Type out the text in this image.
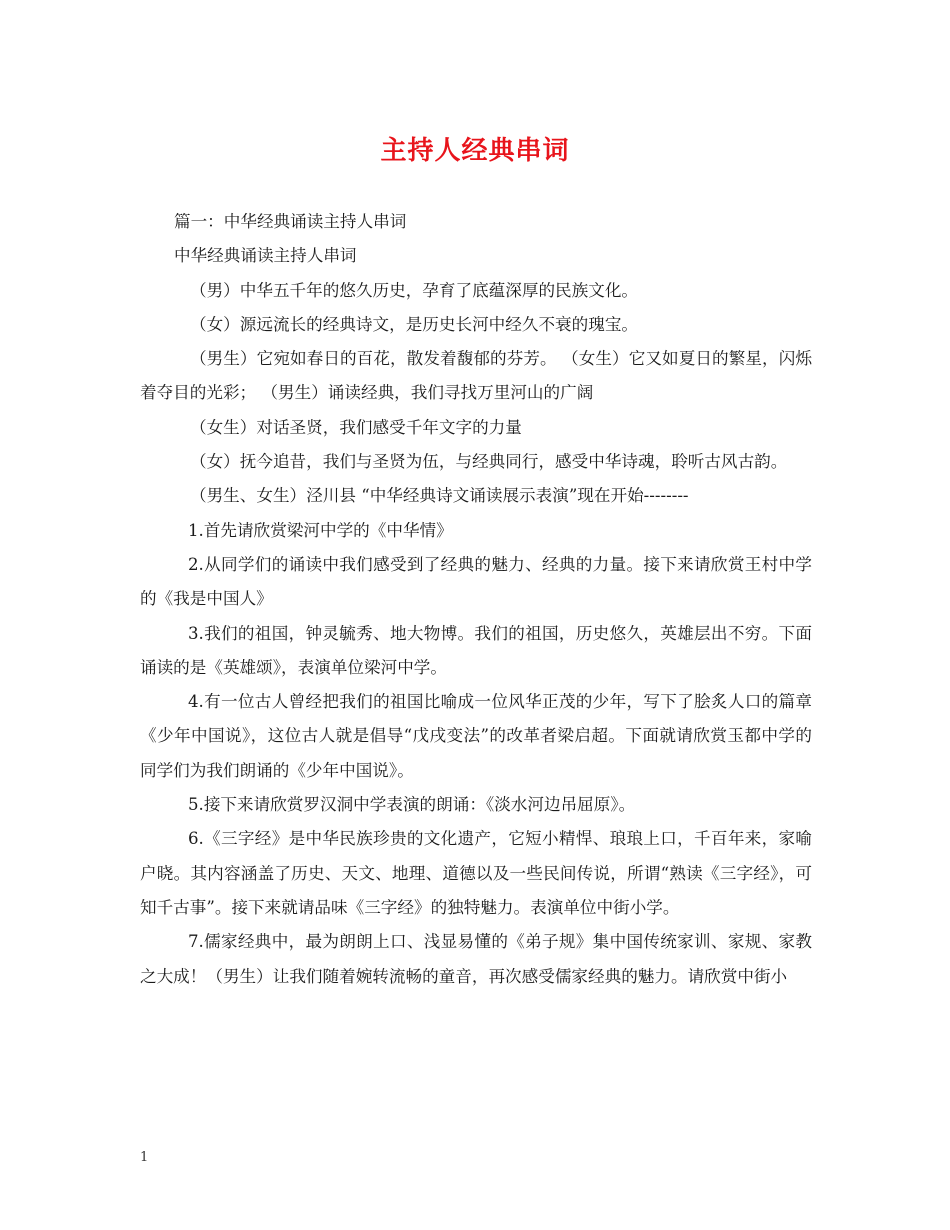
主持人经典串词

篇一：中华经典诵读主持人串词

中华经典诵读主持人串词

（男）中华五千年的悠久历史，孕育了底蕴深厚的民族文化。

（女）源远流长的经典诗文，是历史长河中经久不衰的瑰宝。

（男生）它宛如春日的百花，散发着馥郁的芬芳。 （女生）它又如夏日的繁星，闪烁着夺目的光彩； （男生）诵读经典，我们寻找万里河山的广阔

（女生）对话圣贤，我们感受千年文字的力量

（女）抚今追昔，我们与圣贤为伍，与经典同行，感受中华诗魂，聆听古风古韵。

（男生、女生）泾川县 “中华经典诗文诵读展示表演”现在开始--------

1.首先请欣赏梁河中学的《中华情》

2.从同学们的诵读中我们感受到了经典的魅力、经典的力量。接下来请欣赏王村中学的《我是中国人》

3.我们的祖国，钟灵毓秀、地大物博。我们的祖国，历史悠久，英雄层出不穷。下面诵读的是《英雄颂》，表演单位梁河中学。

4.有一位古人曾经把我们的祖国比喻成一位风华正茂的少年，写下了脍炙人口的篇章《少年中国说》，这位古人就是倡导“戊戌变法”的改革者梁启超。下面就请欣赏玉都中学的同学们为我们朗诵的《少年中国说》。

5.接下来请欣赏罗汉洞中学表演的朗诵：《淡水河边吊屈原》。

6.《三字经》是中华民族珍贵的文化遗产，它短小精悍、琅琅上口，千百年来，家喻户晓。其内容涵盖了历史、天文、地理、道德以及一些民间传说，所谓“熟读《三字经》，可知千古事”。接下来就请品味《三字经》的独特魅力。表演单位中街小学。

7.儒家经典中，最为朗朗上口、浅显易懂的《弟子规》集中国传统家训、家规、家教之大成！（男生）让我们随着婉转流畅的童音，再次感受儒家经典的魅力。请欣赏中街小

1
